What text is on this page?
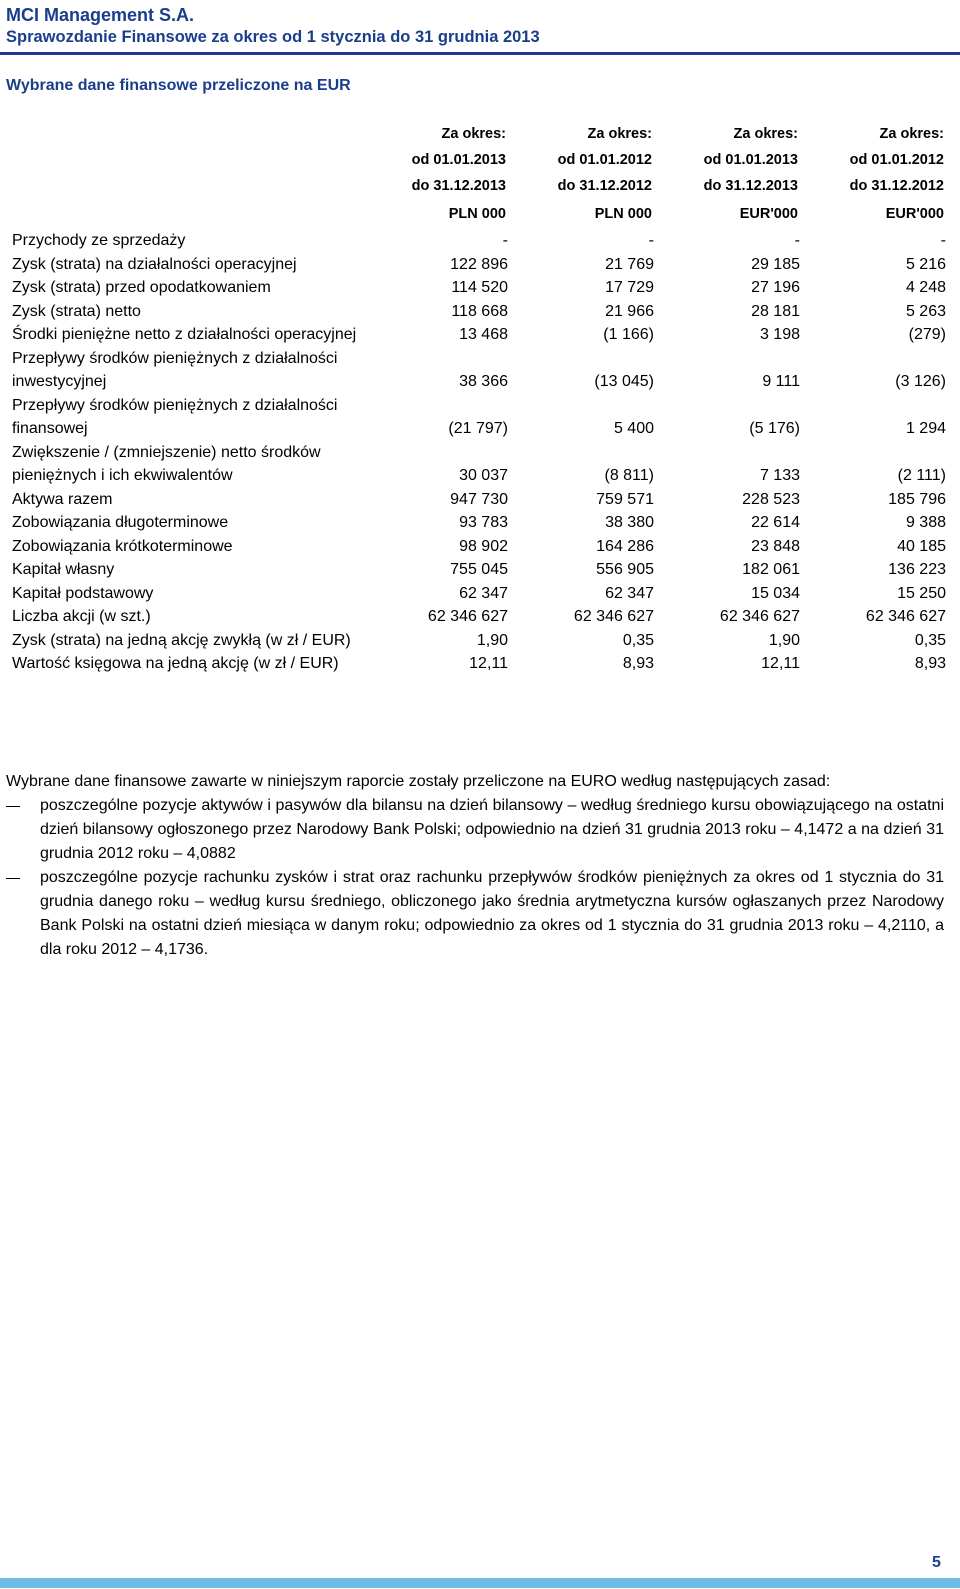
MCI Management S.A.
Sprawozdanie Finansowe za okres od 1 stycznia do 31 grudnia 2013
Wybrane dane finansowe przeliczone na EUR
	Za okres:	Za okres:	Za okres:	Za okres:
	od 01.01.2013	od 01.01.2012	od 01.01.2013	od 01.01.2012
	do 31.12.2013	do 31.12.2012	do 31.12.2013	do 31.12.2012
	PLN 000	PLN 000	EUR'000	EUR'000
Przychody ze sprzedaży	-	-	-	-
Zysk (strata) na działalności operacyjnej	122 896	21 769	29 185	5 216
Zysk (strata) przed opodatkowaniem	114 520	17 729	27 196	4 248
Zysk (strata) netto	118 668	21 966	28 181	5 263
Środki pieniężne netto z działalności operacyjnej	13 468	(1 166)	3 198	(279)
Przepływy środków pieniężnych z działalności inwestycyjnej	38 366	(13 045)	9 111	(3 126)
Przepływy środków pieniężnych z działalności finansowej	(21 797)	5 400	(5 176)	1 294
Zwiększenie / (zmniejszenie) netto środków pieniężnych i ich ekwiwalentów	30 037	(8 811)	7 133	(2 111)
Aktywa razem	947 730	759 571	228 523	185 796
Zobowiązania długoterminowe	93 783	38 380	22 614	9 388
Zobowiązania krótkoterminowe	98 902	164 286	23 848	40 185
Kapitał własny	755 045	556 905	182 061	136 223
Kapitał podstawowy	62 347	62 347	15 034	15 250
Liczba akcji (w szt.)	62 346 627	62 346 627	62 346 627	62 346 627
Zysk (strata) na jedną akcję zwykłą (w zł / EUR)	1,90	0,35	1,90	0,35
Wartość księgowa na jedną akcję (w zł / EUR)	12,11	8,93	12,11	8,93

Wybrane dane finansowe zawarte w niniejszym raporcie zostały przeliczone na EURO według następujących zasad:

poszczególne pozycje aktywów i pasywów dla bilansu na dzień bilansowy – według średniego kursu obowiązującego na ostatni dzień bilansowy ogłoszonego przez Narodowy Bank Polski; odpowiednio na dzień 31 grudnia 2013 roku – 4,1472 a na dzień 31 grudnia 2012 roku – 4,0882
poszczególne pozycje rachunku zysków i strat oraz rachunku przepływów środków pieniężnych za okres od 1 stycznia do 31 grudnia danego roku – według kursu średniego, obliczonego jako średnia arytmetyczna kursów ogłaszanych przez Narodowy Bank Polski na ostatni dzień miesiąca w danym roku; odpowiednio za okres od 1 stycznia do 31 grudnia 2013 roku – 4,2110, a dla roku 2012 – 4,1736.
5
